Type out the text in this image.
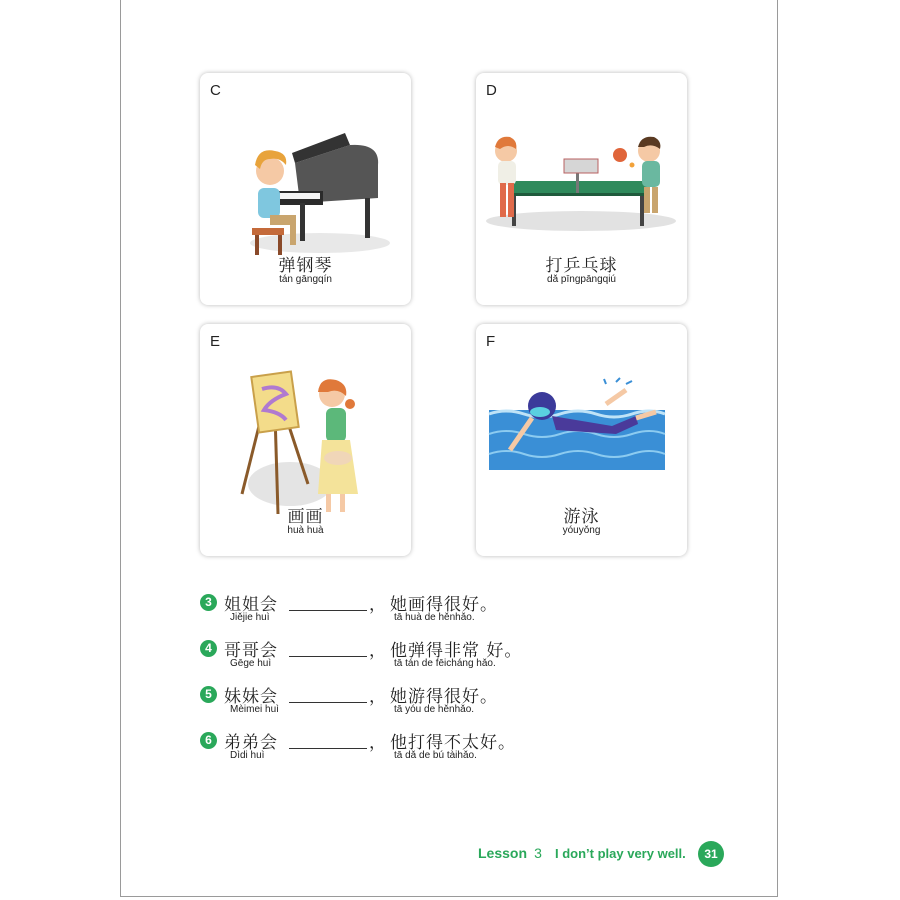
C
弹钢琴
tán gāngqín
D
打乒乓球
dǎ pīngpāngqiú
E
画画
huà huà
F
游泳
yóuyǒng
3 姐姐会	， 她画得很好。
Jiějie huì	tā huà de hěnhǎo.
4 哥哥会	， 他弹得非常 好。
Gēge huì	tā tán de fēicháng hǎo.
5 妹妹会	， 她游得很好。
Mèimei huì	tā yóu de hěnhǎo.
6 弟弟会	， 他打得不太好。
Dìdi huì	tā dǎ de bú tàihǎo.
Lesson 3 I don’t play very well.	31
